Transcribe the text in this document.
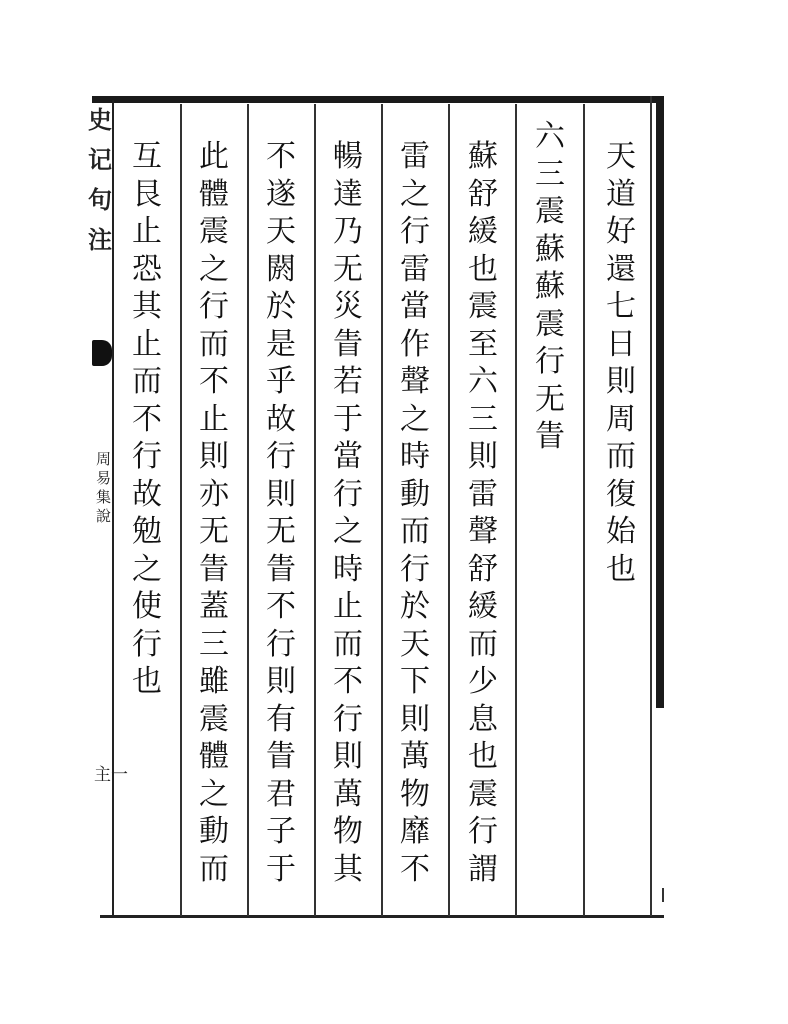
史
记
句
注
周
易
集
說
主一
天
道
好
還
七
日
則
周
而
復
始
也
六
三
震
蘇
蘇
震
行
无
眚
蘇
舒
緩
也
震
至
六
三
則
雷
聲
舒
緩
而
少
息
也
震
行
謂
雷
之
行
雷
當
作
聲
之
時
動
而
行
於
天
下
則
萬
物
靡
不
暢
達
乃
无
災
眚
若
于
當
行
之
時
止
而
不
行
則
萬
物
其
不
遂
天
閼
於
是
乎
故
行
則
无
眚
不
行
則
有
眚
君
子
于
此
體
震
之
行
而
不
止
則
亦
无
眚
蓋
三
雖
震
體
之
動
而
互
艮
止
恐
其
止
而
不
行
故
勉
之
使
行
也
